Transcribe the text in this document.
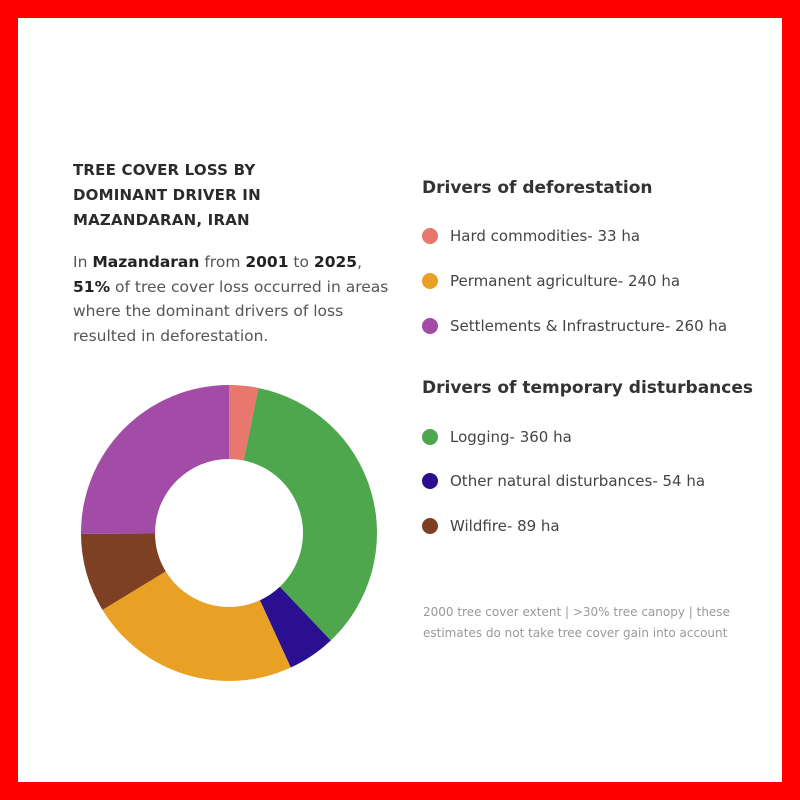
TREE COVER LOSS BY
DOMINANT DRIVER IN
MAZANDARAN, IRAN
In Mazandaran from 2001 to 2025, 51% of tree cover loss occurred in areas where the dominant drivers of loss resulted in deforestation.
Drivers of deforestation
Hard commodities - 33 ha
Permanent agriculture - 240 ha
Settlements & Infrastructure - 260 ha
Drivers of temporary disturbances
Logging - 360 ha
Other natural disturbances - 54 ha
Wildfire - 89 ha
2000 tree cover extent | >30% tree canopy | these estimates do not take tree cover gain into account
